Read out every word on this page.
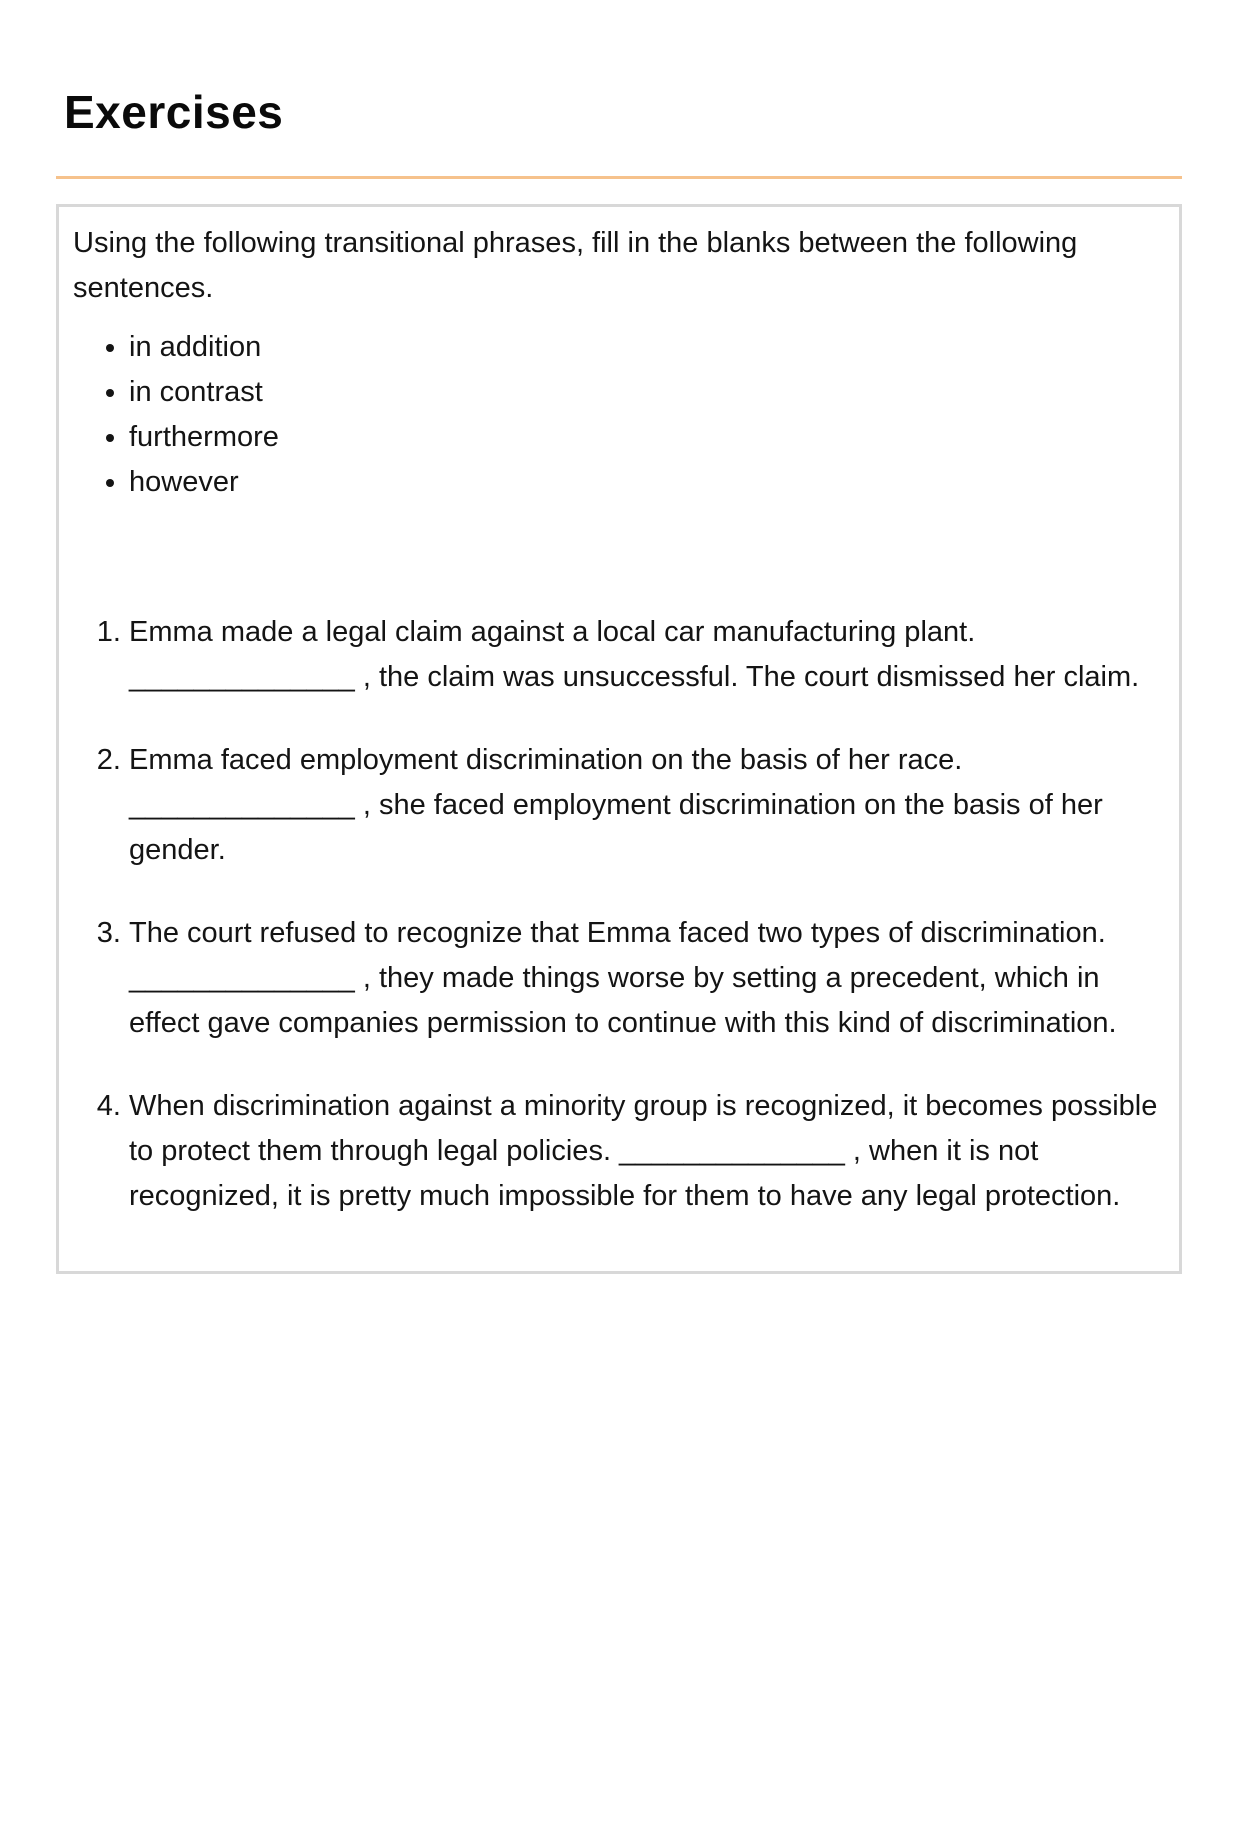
Exercises

Using the following transitional phrases, fill in the blanks between the following sentences.

• in addition
• in contrast
• furthermore
• however
1. Emma made a legal claim against a local car manufacturing plant. ______________ , the claim was unsuccessful. The court dismissed her claim.
2. Emma faced employment discrimination on the basis of her race. ______________ , she faced employment discrimination on the basis of her gender.
3. The court refused to recognize that Emma faced two types of discrimination. ______________ , they made things worse by setting a precedent, which in effect gave companies permission to continue with this kind of discrimination.
4. When discrimination against a minority group is recognized, it becomes possible to protect them through legal policies. ______________ , when it is not recognized, it is pretty much impossible for them to have any legal protection.
